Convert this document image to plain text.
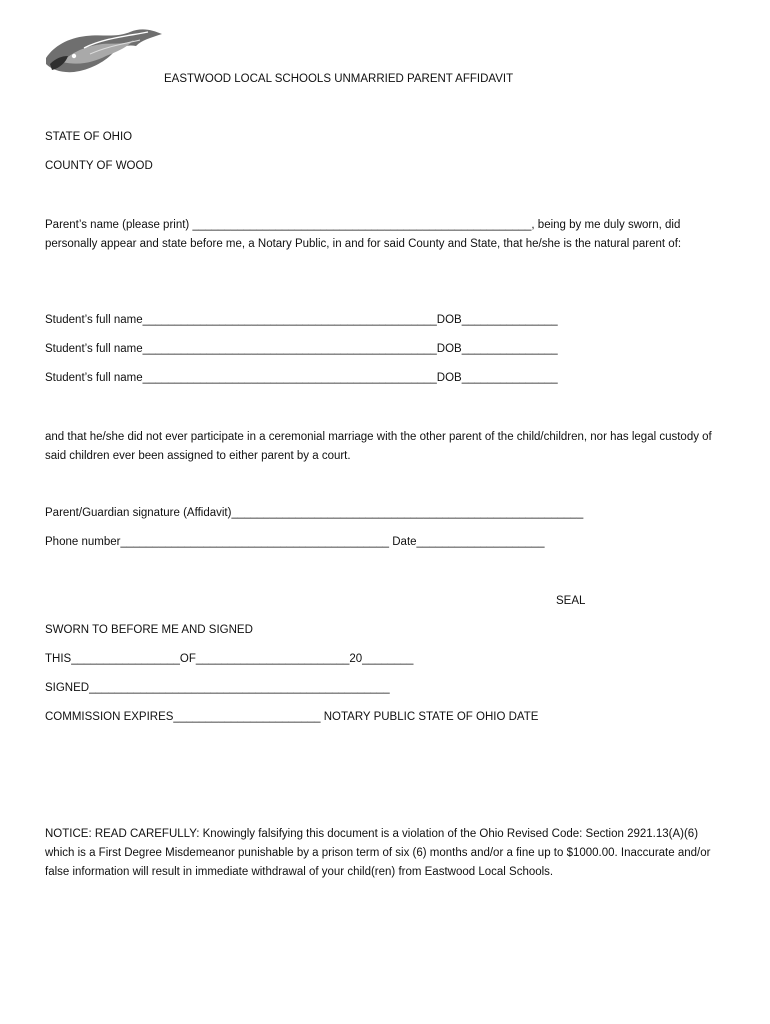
EASTWOOD LOCAL SCHOOLS UNMARRIED PARENT AFFIDAVIT
STATE OF OHIO
COUNTY OF WOOD
Parent’s name (please print) _____________________________________________________, being by me duly sworn, did personally appear and state before me, a Notary Public, in and for said County and State, that he/she is the natural parent of:
Student’s full name______________________________________________DOB_______________
Student’s full name______________________________________________DOB_______________
Student’s full name______________________________________________DOB_______________
and that he/she did not ever participate in a ceremonial marriage with the other parent of the child/children, nor has legal custody of said children ever been assigned to either parent by a court.
Parent/Guardian signature (Affidavit)_______________________________________________________
Phone number__________________________________________ Date____________________
SEAL
SWORN TO BEFORE ME AND SIGNED
THIS_________________OF________________________20________
SIGNED_______________________________________________
COMMISSION EXPIRES_______________________ NOTARY PUBLIC STATE OF OHIO DATE
NOTICE: READ CAREFULLY: Knowingly falsifying this document is a violation of the Ohio Revised Code: Section 2921.13(A)(6) which is a First Degree Misdemeanor punishable by a prison term of six (6) months and/or a fine up to $1000.00. Inaccurate and/or false information will result in immediate withdrawal of your child(ren) from Eastwood Local Schools.
